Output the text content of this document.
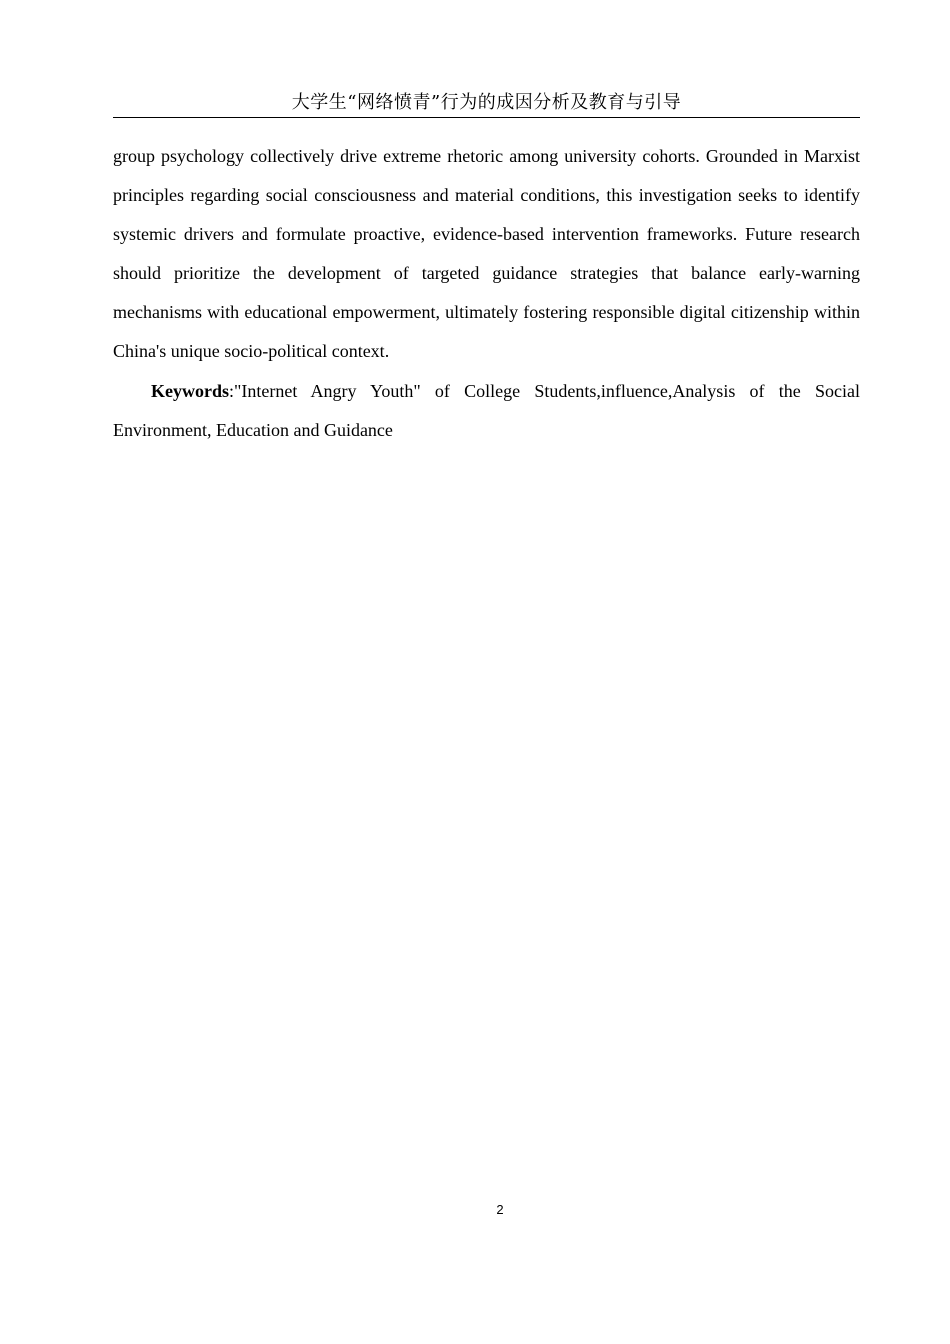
大学生“网络愤青”行为的成因分析及教育与引导

group psychology collectively drive extreme rhetoric among university cohorts. Grounded in Marxist principles regarding social consciousness and material conditions, this investigation seeks to identify systemic drivers and formulate proactive, evidence-based intervention frameworks. Future research should prioritize the development of targeted guidance strategies that balance early-warning mechanisms with educational empowerment, ultimately fostering responsible digital citizenship within China's unique socio-political context.

Keywords:"Internet Angry Youth" of College Students,influence,Analysis of the Social Environment, Education and Guidance

2
